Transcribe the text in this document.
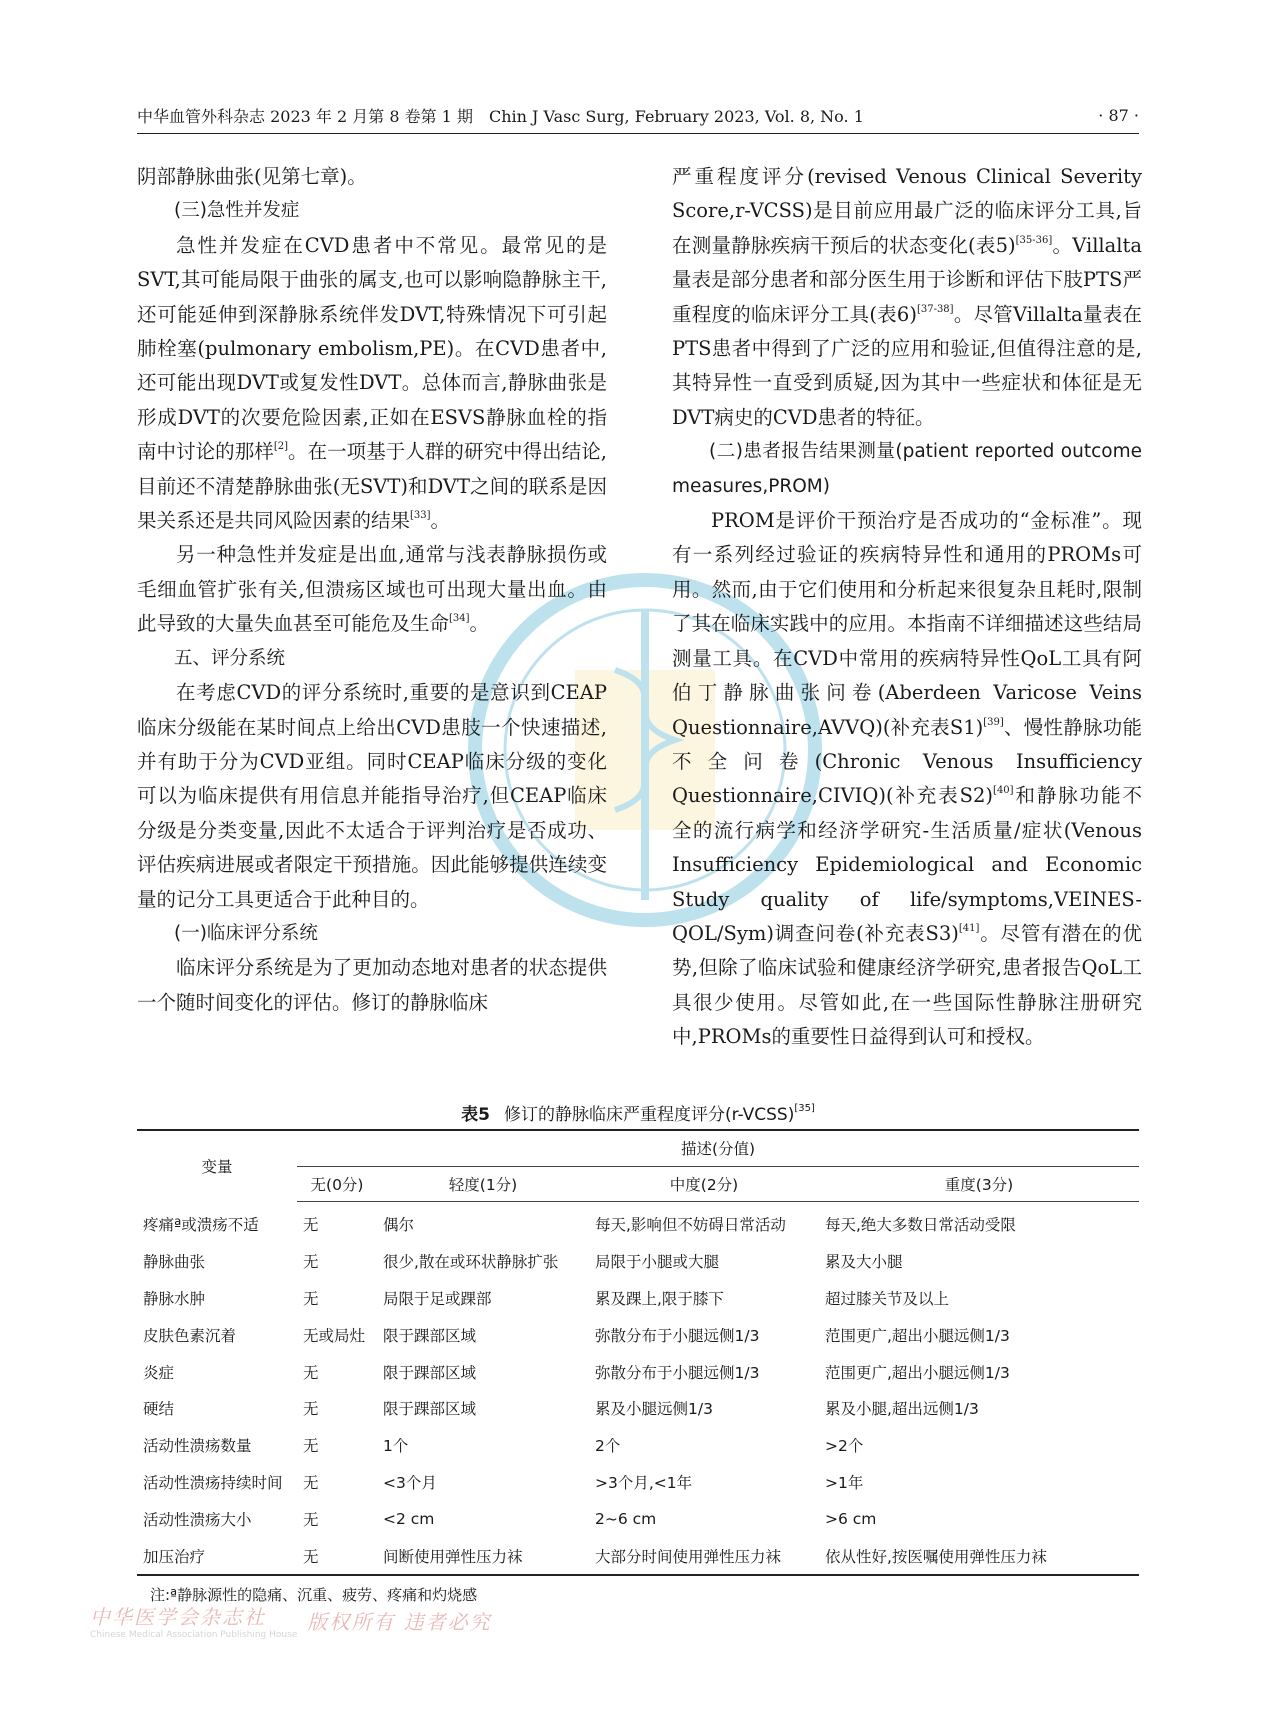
中华血管外科杂志 2023 年 2 月第 8 卷第 1 期　Chin J Vasc Surg, February 2023, Vol. 8, No. 1	· 87 ·

阴部静脉曲张(见第七章)。

(三)急性并发症

急性并发症在CVD患者中不常见。最常见的是SVT,其可能局限于曲张的属支,也可以影响隐静脉主干,还可能延伸到深静脉系统伴发DVT,特殊情况下可引起肺栓塞(pulmonary embolism,PE)。在CVD患者中,还可能出现DVT或复发性DVT。总体而言,静脉曲张是形成DVT的次要危险因素,正如在ESVS静脉血栓的指南中讨论的那样[2]。在一项基于人群的研究中得出结论,目前还不清楚静脉曲张(无SVT)和DVT之间的联系是因果关系还是共同风险因素的结果[33]。

另一种急性并发症是出血,通常与浅表静脉损伤或毛细血管扩张有关,但溃疡区域也可出现大量出血。由此导致的大量失血甚至可能危及生命[34]。

五、评分系统

在考虑CVD的评分系统时,重要的是意识到CEAP临床分级能在某时间点上给出CVD患肢一个快速描述,并有助于分为CVD亚组。同时CEAP临床分级的变化可以为临床提供有用信息并能指导治疗,但CEAP临床分级是分类变量,因此不太适合于评判治疗是否成功、评估疾病进展或者限定干预措施。因此能够提供连续变量的记分工具更适合于此种目的。

(一)临床评分系统

临床评分系统是为了更加动态地对患者的状态提供一个随时间变化的评估。修订的静脉临床

严重程度评分(revised Venous Clinical Severity Score,r-VCSS)是目前应用最广泛的临床评分工具,旨在测量静脉疾病干预后的状态变化(表5)[35-36]。Villalta量表是部分患者和部分医生用于诊断和评估下肢PTS严重程度的临床评分工具(表6)[37-38]。尽管Villalta量表在PTS患者中得到了广泛的应用和验证,但值得注意的是,其特异性一直受到质疑,因为其中一些症状和体征是无DVT病史的CVD患者的特征。

(二)患者报告结果测量(patient reported outcome measures,PROM)

PROM是评价干预治疗是否成功的“金标准”。现有一系列经过验证的疾病特异性和通用的PROMs可用。然而,由于它们使用和分析起来很复杂且耗时,限制了其在临床实践中的应用。本指南不详细描述这些结局测量工具。在CVD中常用的疾病特异性QoL工具有阿伯丁静脉曲张问卷(Aberdeen Varicose Veins Questionnaire,AVVQ)(补充表S1)[39]、慢性静脉功能不全问卷(Chronic Venous Insufficiency Questionnaire,CIVIQ)(补充表S2)[40]和静脉功能不全的流行病学和经济学研究-生活质量/症状(Venous Insufficiency Epidemiological and Economic Study quality of life/symptoms,VEINES-QOL/Sym)调查问卷(补充表S3)[41]。尽管有潜在的优势,但除了临床试验和健康经济学研究,患者报告QoL工具很少使用。尽管如此,在一些国际性静脉注册研究中,PROMs的重要性日益得到认可和授权。

表5 修订的静脉临床严重程度评分(r-VCSS)[35]
变量	描述(分值)			
	无(0分)	轻度(1分)	中度(2分)	重度(3分)
疼痛ª或溃疡不适	无	偶尔	每天,影响但不妨碍日常活动	每天,绝大多数日常活动受限
静脉曲张	无	很少,散在或环状静脉扩张	局限于小腿或大腿	累及大小腿
静脉水肿	无	局限于足或踝部	累及踝上,限于膝下	超过膝关节及以上
皮肤色素沉着	无或局灶	限于踝部区域	弥散分布于小腿远侧1/3	范围更广,超出小腿远侧1/3
炎症	无	限于踝部区域	弥散分布于小腿远侧1/3	范围更广,超出小腿远侧1/3
硬结	无	限于踝部区域	累及小腿远侧1/3	累及小腿,超出远侧1/3
活动性溃疡数量	无	1个	2个	>2个
活动性溃疡持续时间	无	<3个月	>3个月,<1年	>1年
活动性溃疡大小	无	<2 cm	2~6 cm	>6 cm
加压治疗	无	间断使用弹性压力袜	大部分时间使用弹性压力袜	依从性好,按医嘱使用弹性压力袜
注:ª静脉源性的隐痛、沉重、疲劳、疼痛和灼烧感
中华医学会杂志社
Chinese Medical Association Publishing House
版权所有 违者必究
